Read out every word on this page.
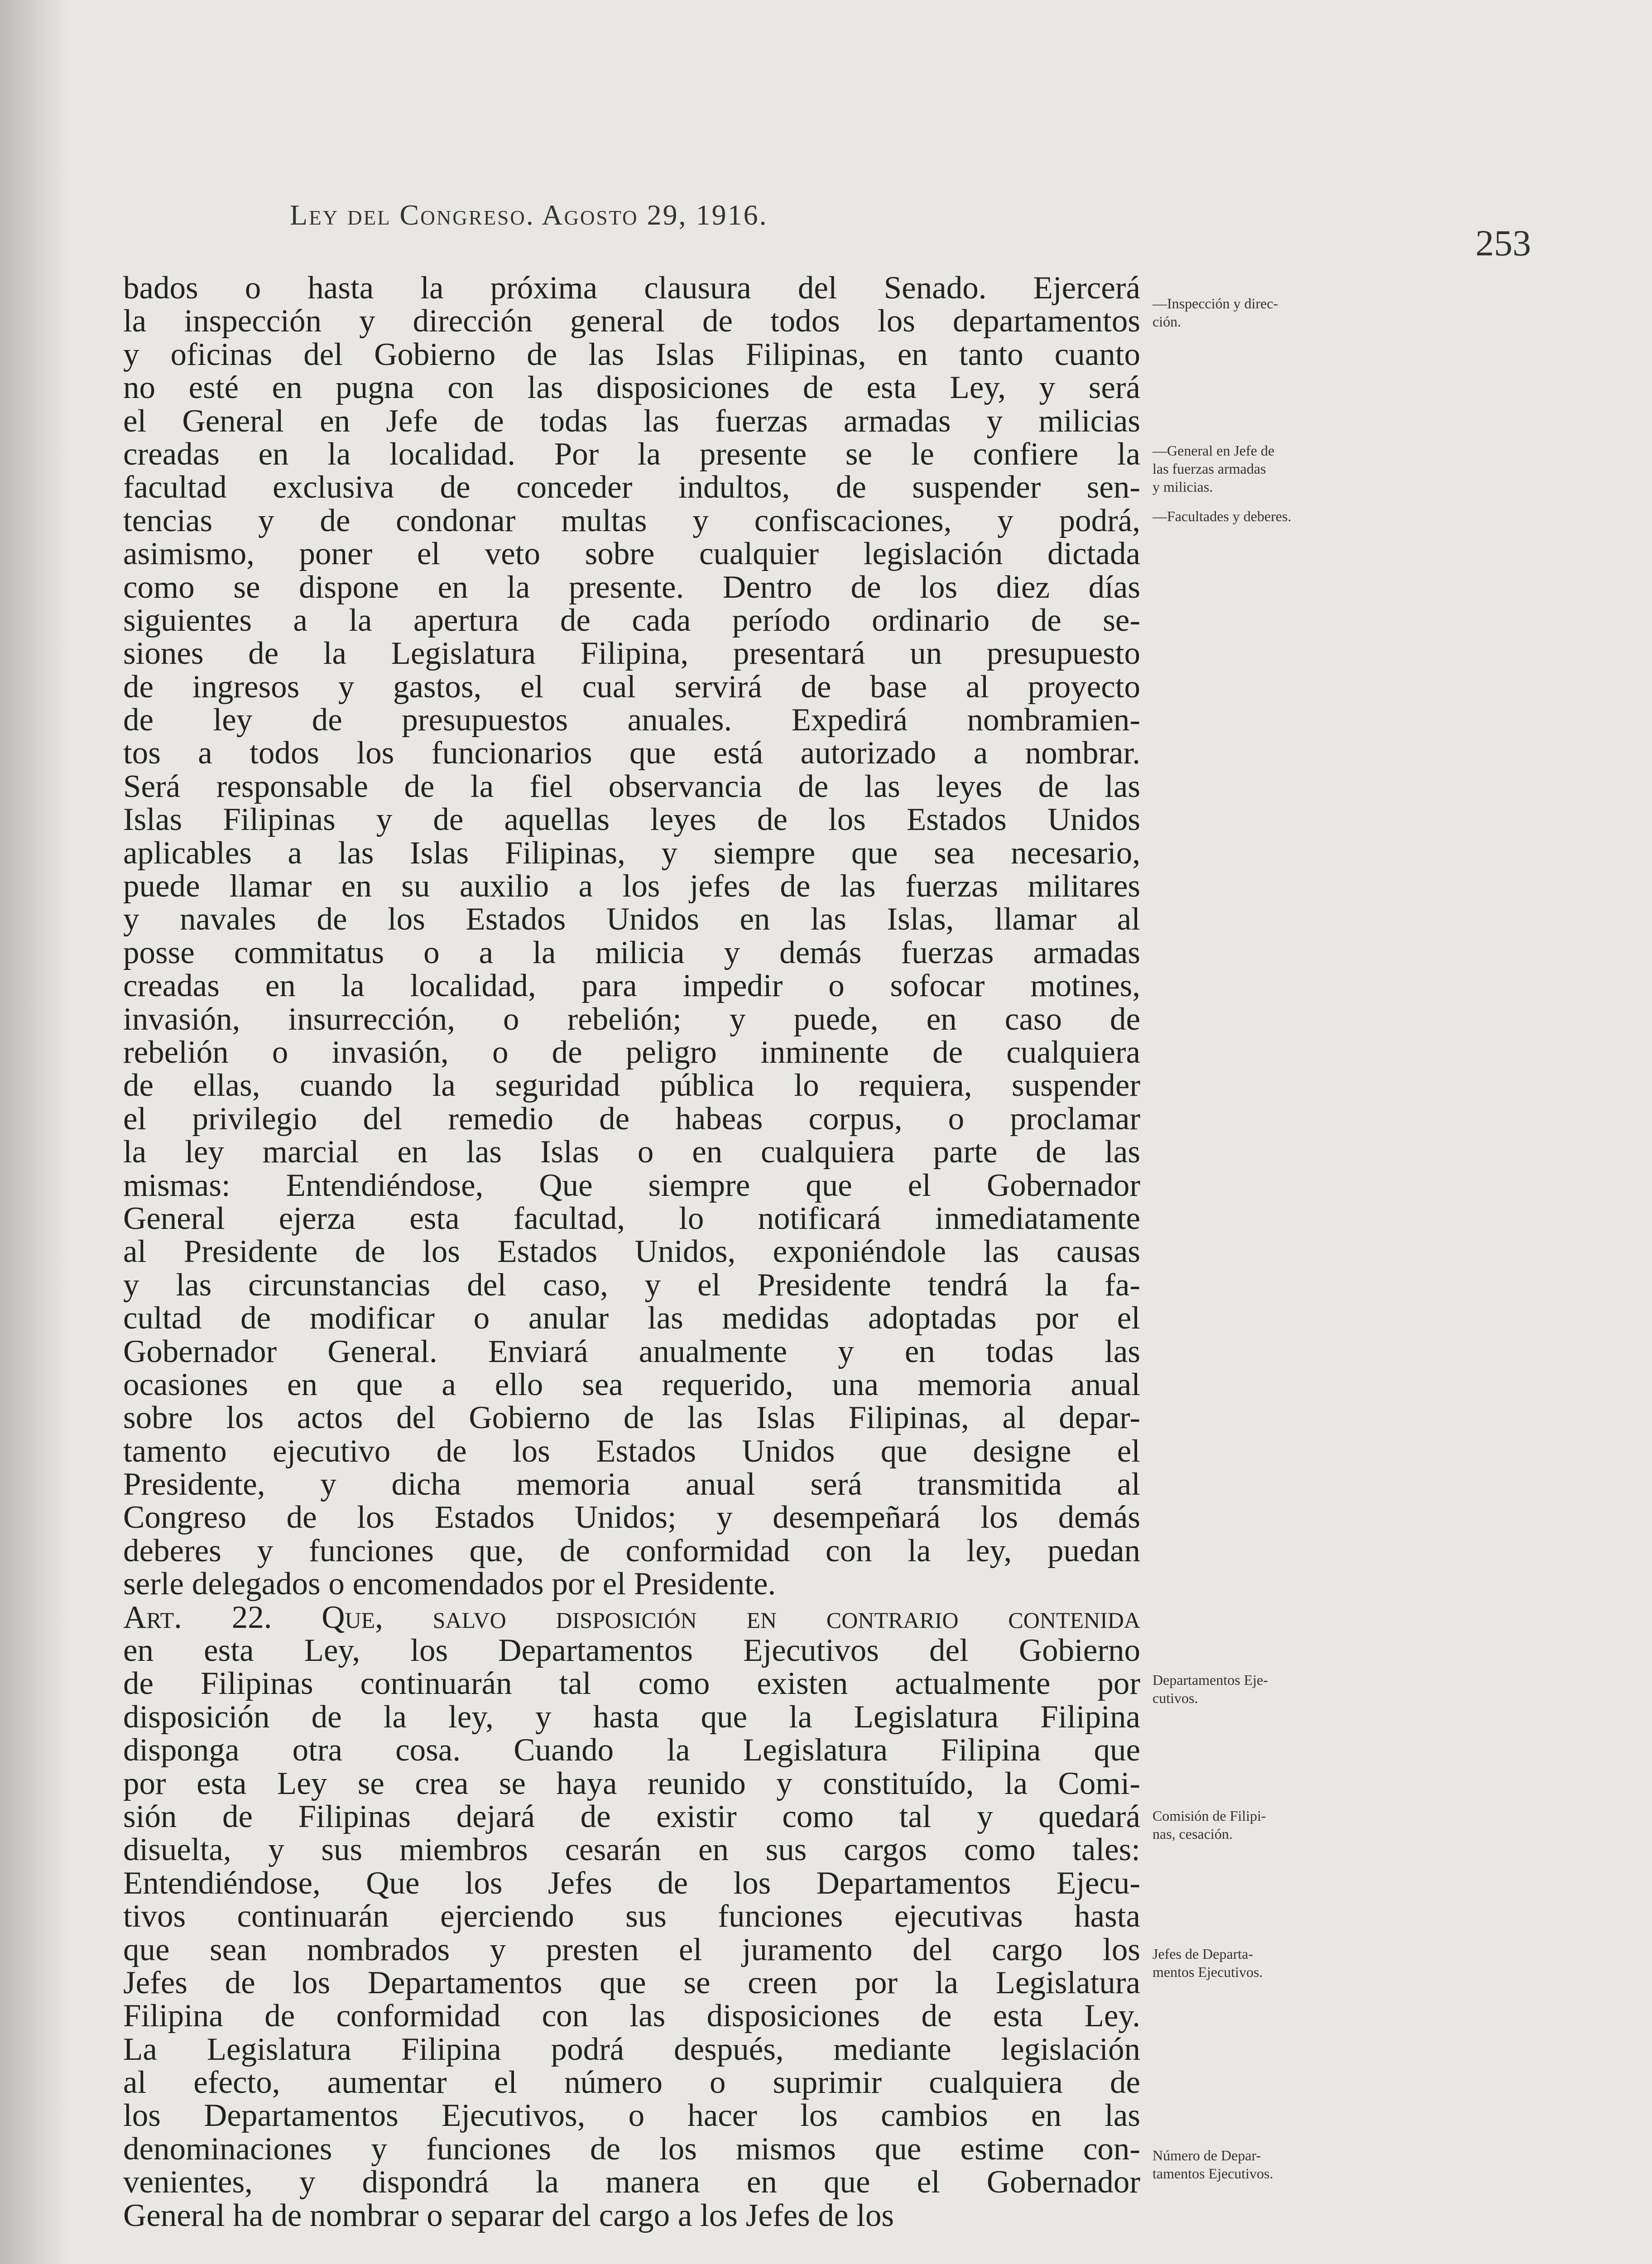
Ley del Congreso. Agosto 29, 1916.
253
bados o hasta la próxima clausura del Senado. Ejercerá
la inspección y dirección general de todos los departamentos
y oficinas del Gobierno de las Islas Filipinas, en tanto cuanto
no esté en pugna con las disposiciones de esta Ley, y será
el General en Jefe de todas las fuerzas armadas y milicias
creadas en la localidad. Por la presente se le confiere la
facultad exclusiva de conceder indultos, de suspender sen-
tencias y de condonar multas y confiscaciones, y podrá,
asimismo, poner el veto sobre cualquier legislación dictada
como se dispone en la presente. Dentro de los diez días
siguientes a la apertura de cada período ordinario de se-
siones de la Legislatura Filipina, presentará un presupuesto
de ingresos y gastos, el cual servirá de base al proyecto
de ley de presupuestos anuales. Expedirá nombramien-
tos a todos los funcionarios que está autorizado a nombrar.
Será responsable de la fiel observancia de las leyes de las
Islas Filipinas y de aquellas leyes de los Estados Unidos
aplicables a las Islas Filipinas, y siempre que sea necesario,
puede llamar en su auxilio a los jefes de las fuerzas militares
y navales de los Estados Unidos en las Islas, llamar al
posse commitatus o a la milicia y demás fuerzas armadas
creadas en la localidad, para impedir o sofocar motines,
invasión, insurrección, o rebelión; y puede, en caso de
rebelión o invasión, o de peligro inminente de cualquiera
de ellas, cuando la seguridad pública lo requiera, suspender
el privilegio del remedio de habeas corpus, o proclamar
la ley marcial en las Islas o en cualquiera parte de las
mismas: Entendiéndose, Que siempre que el Gobernador
General ejerza esta facultad, lo notificará inmediatamente
al Presidente de los Estados Unidos, exponiéndole las causas
y las circunstancias del caso, y el Presidente tendrá la fa-
cultad de modificar o anular las medidas adoptadas por el
Gobernador General. Enviará anualmente y en todas las
ocasiones en que a ello sea requerido, una memoria anual
sobre los actos del Gobierno de las Islas Filipinas, al depar-
tamento ejecutivo de los Estados Unidos que designe el
Presidente, y dicha memoria anual será transmitida al
Congreso de los Estados Unidos; y desempeñará los demás
deberes y funciones que, de conformidad con la ley, puedan
serle delegados o encomendados por el Presidente.
Art. 22. Que, salvo disposición en contrario contenida
en esta Ley, los Departamentos Ejecutivos del Gobierno
de Filipinas continuarán tal como existen actualmente por
disposición de la ley, y hasta que la Legislatura Filipina
disponga otra cosa. Cuando la Legislatura Filipina que
por esta Ley se crea se haya reunido y constituído, la Comi-
sión de Filipinas dejará de existir como tal y quedará
disuelta, y sus miembros cesarán en sus cargos como tales:
Entendiéndose, Que los Jefes de los Departamentos Ejecu-
tivos continuarán ejerciendo sus funciones ejecutivas hasta
que sean nombrados y presten el juramento del cargo los
Jefes de los Departamentos que se creen por la Legislatura
Filipina de conformidad con las disposiciones de esta Ley.
La Legislatura Filipina podrá después, mediante legislación
al efecto, aumentar el número o suprimir cualquiera de
los Departamentos Ejecutivos, o hacer los cambios en las
denominaciones y funciones de los mismos que estime con-
venientes, y dispondrá la manera en que el Gobernador
General ha de nombrar o separar del cargo a los Jefes de los
—Inspección y direc-
ción.
—General en Jefe de
las fuerzas armadas
y milicias.
—Facultades y deberes.
Departamentos Eje-
cutivos.
Comisión de Filipi-
nas, cesación.
Jefes de Departa-
mentos Ejecutivos.
Número de Depar-
tamentos Ejecutivos.
